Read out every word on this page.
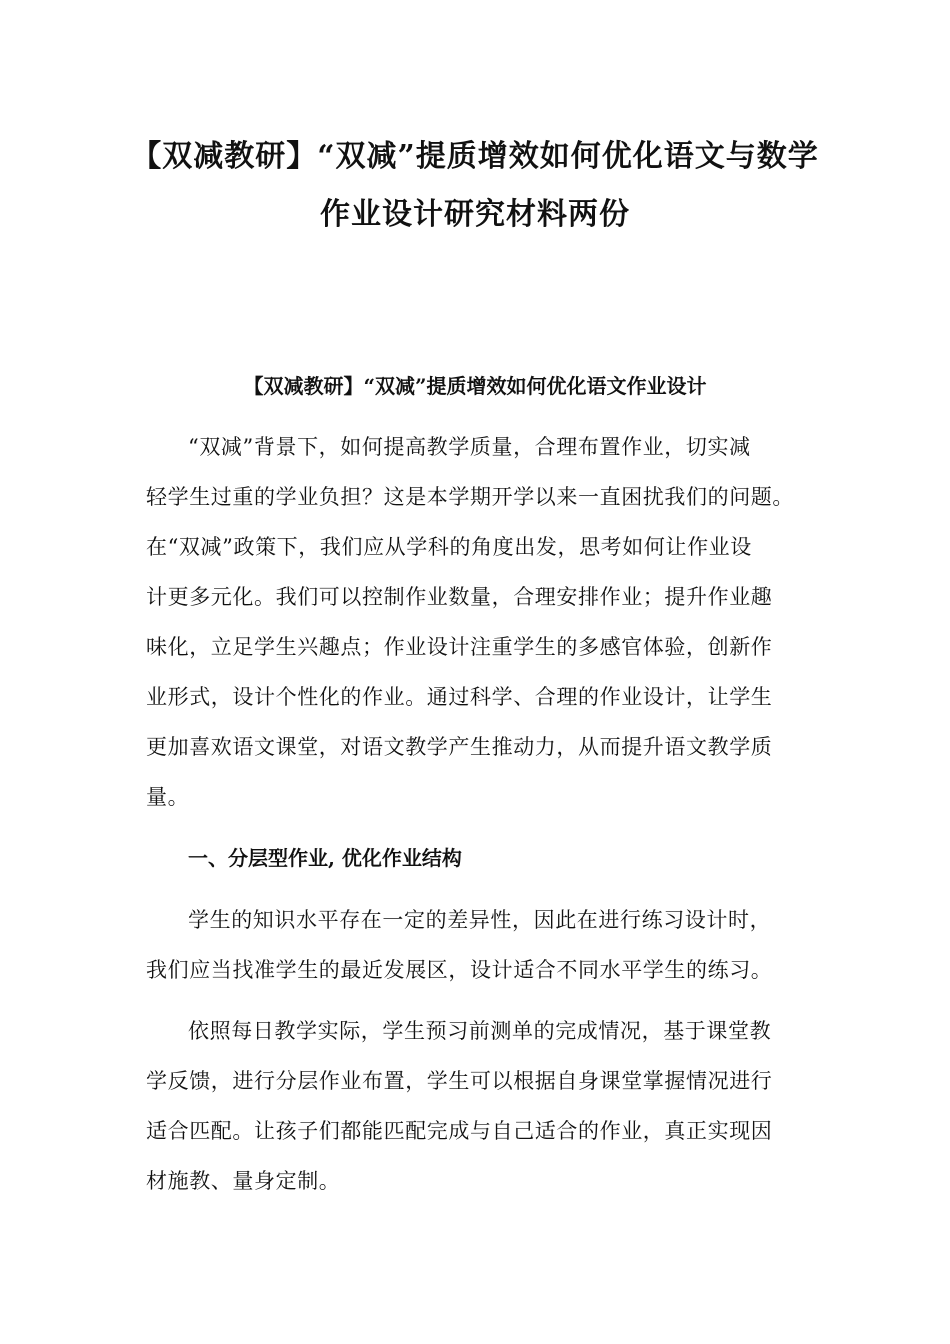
【双减教研】“双减”提质增效如何优化语文与数学
作业设计研究材料两份
【双减教研】“双减”提质增效如何优化语文作业设计
“双减”背景下，如何提高教学质量，合理布置作业，切实减
轻学生过重的学业负担？这是本学期开学以来一直困扰我们的问题。
在“双减”政策下，我们应从学科的角度出发，思考如何让作业设
计更多元化。我们可以控制作业数量，合理安排作业；提升作业趣
味化，立足学生兴趣点；作业设计注重学生的多感官体验，创新作
业形式，设计个性化的作业。通过科学、合理的作业设计，让学生
更加喜欢语文课堂，对语文教学产生推动力，从而提升语文教学质
量。
一、分层型作业, 优化作业结构
学生的知识水平存在一定的差异性，因此在进行练习设计时，
我们应当找准学生的最近发展区，设计适合不同水平学生的练习。
依照每日教学实际，学生预习前测单的完成情况，基于课堂教
学反馈，进行分层作业布置，学生可以根据自身课堂掌握情况进行
适合匹配。让孩子们都能匹配完成与自己适合的作业，真正实现因
材施教、量身定制。
